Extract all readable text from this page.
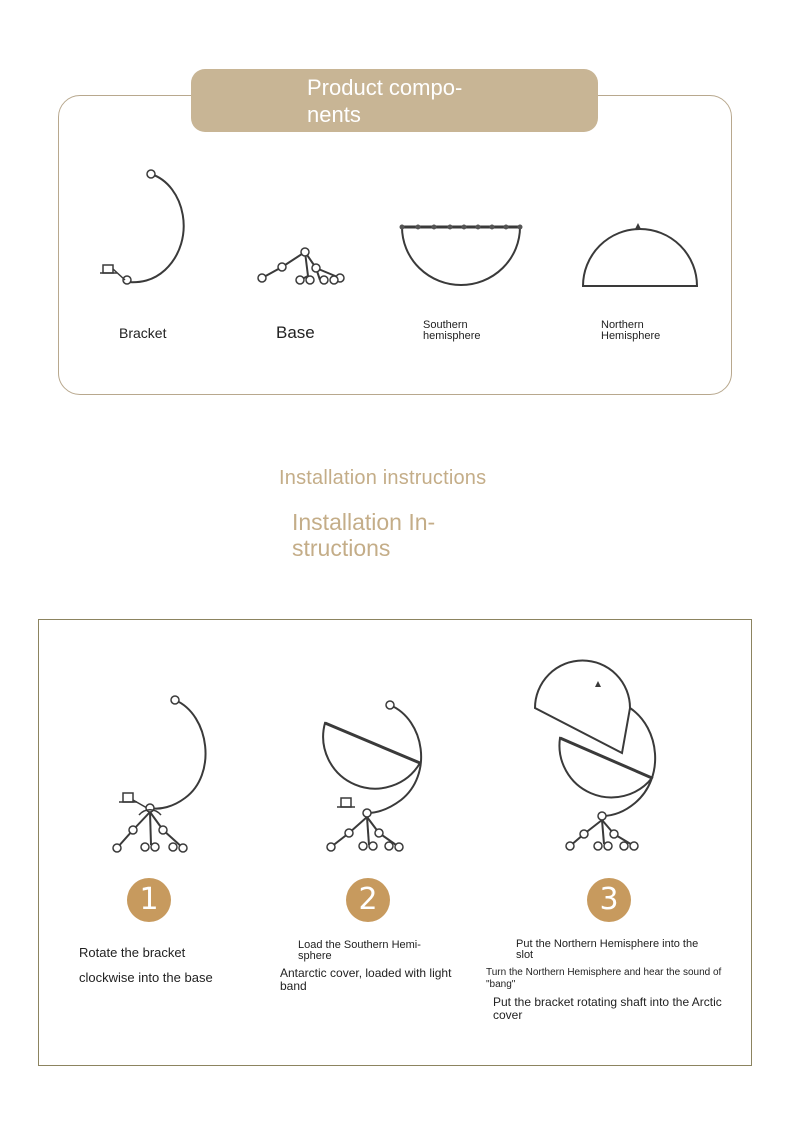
Product compo-
nents
Bracket	Base	Southern
hemisphere
Northern
Hemisphere
Installation instructions
Installation In-
structions
1	2	3
Rotate the bracket
clockwise into the base
Load the Southern Hemi-
sphere
Antarctic cover, loaded with light
band
Put the Northern Hemisphere into the
slot
Turn the Northern Hemisphere and hear the sound of
"bang"
Put the bracket rotating shaft into the Arctic
cover
